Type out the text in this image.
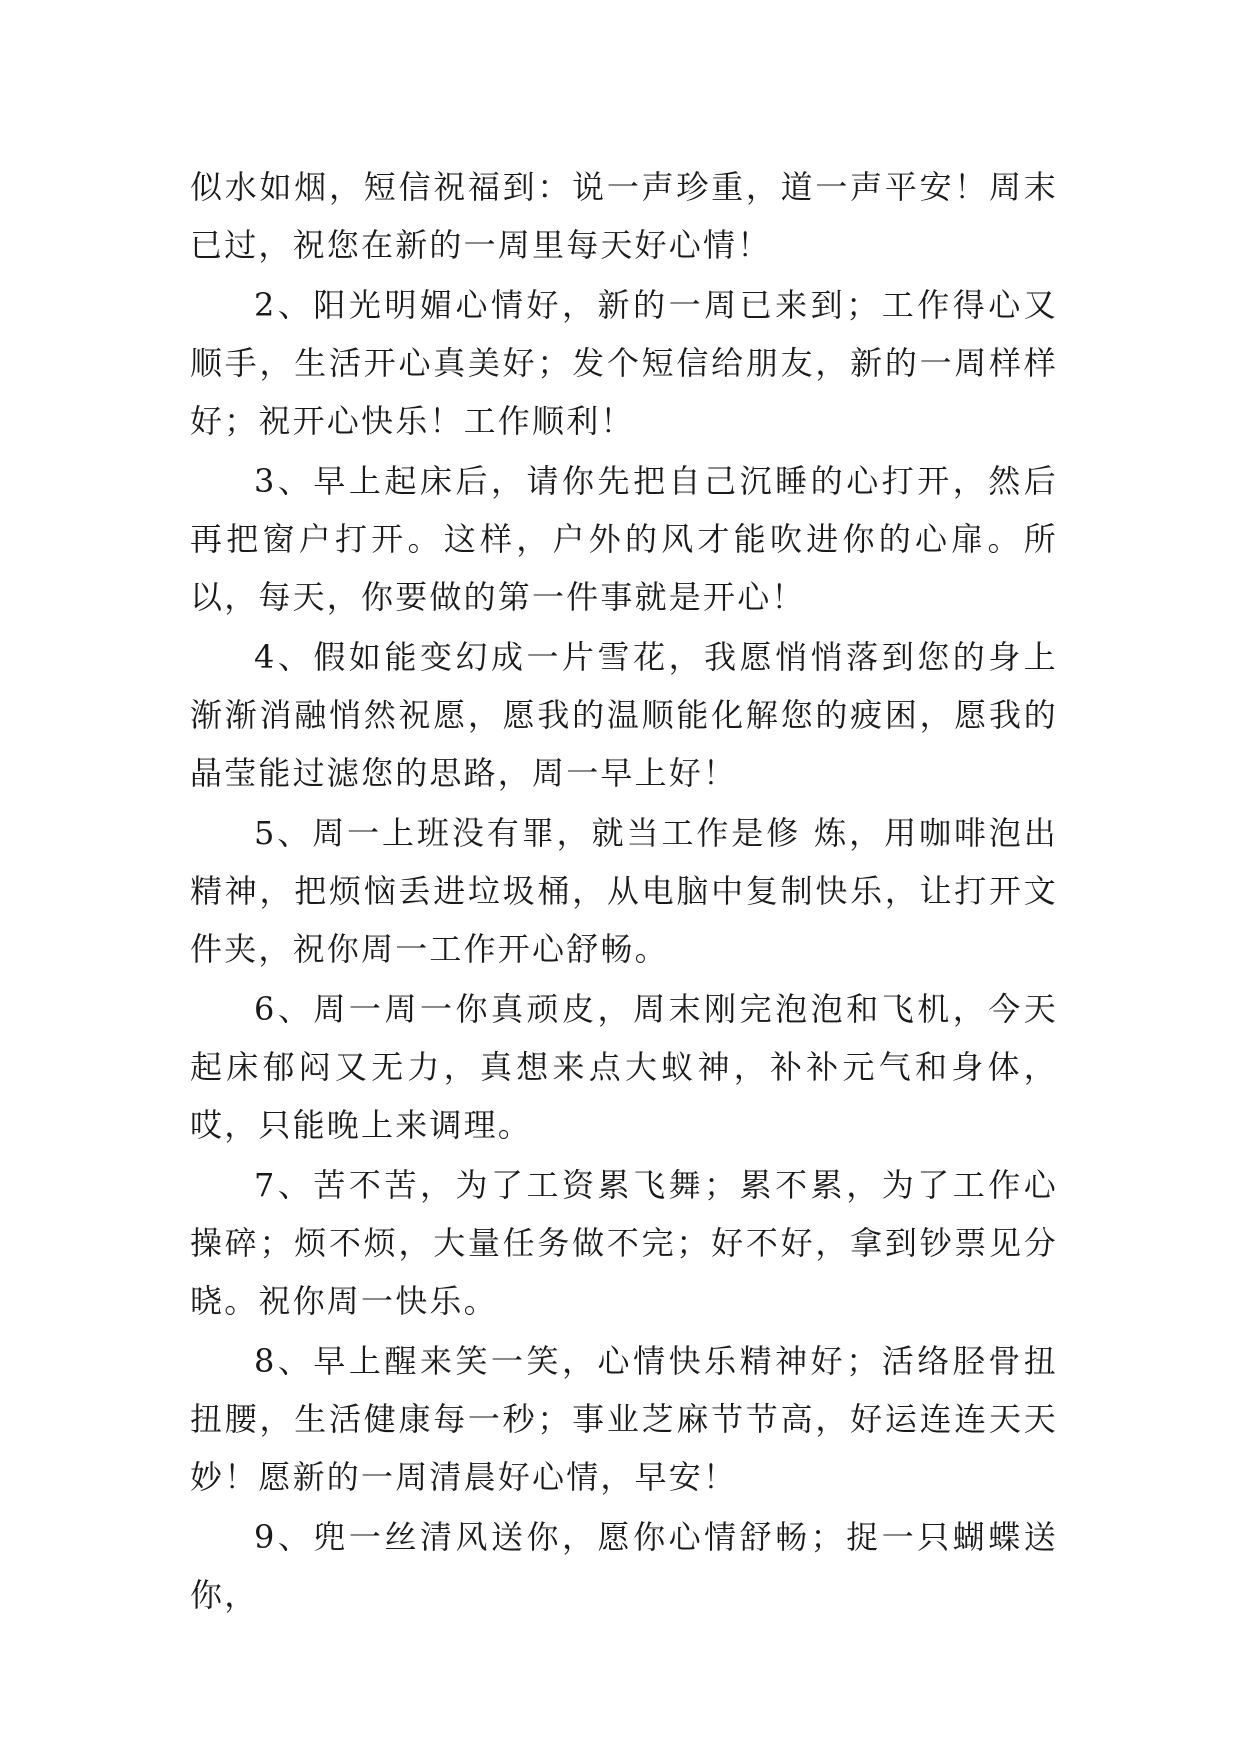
似水如烟，短信祝福到：说一声珍重，道一声平安！周末已过，祝您在新的一周里每天好心情！

2、阳光明媚心情好，新的一周已来到；工作得心又顺手，生活开心真美好；发个短信给朋友，新的一周样样好；祝开心快乐！工作顺利！

3、早上起床后，请你先把自己沉睡的心打开，然后再把窗户打开。这样，户外的风才能吹进你的心扉。所以，每天，你要做的第一件事就是开心！

4、假如能变幻成一片雪花，我愿悄悄落到您的身上渐渐消融悄然祝愿，愿我的温顺能化解您的疲困，愿我的晶莹能过滤您的思路，周一早上好！

5、周一上班没有罪，就当工作是修 炼，用咖啡泡出精神，把烦恼丢进垃圾桶，从电脑中复制快乐，让打开文件夹，祝你周一工作开心舒畅。

6、周一周一你真顽皮，周末刚完泡泡和飞机，今天起床郁闷又无力，真想来点大蚁神，补补元气和身体，哎，只能晚上来调理。

7、苦不苦，为了工资累飞舞；累不累，为了工作心操碎；烦不烦，大量任务做不完；好不好，拿到钞票见分晓。祝你周一快乐。

8、早上醒来笑一笑，心情快乐精神好；活络胫骨扭扭腰，生活健康每一秒；事业芝麻节节高，好运连连天天妙！愿新的一周清晨好心情，早安！

9、兜一丝清风送你，愿你心情舒畅；捉一只蝴蝶送你，
